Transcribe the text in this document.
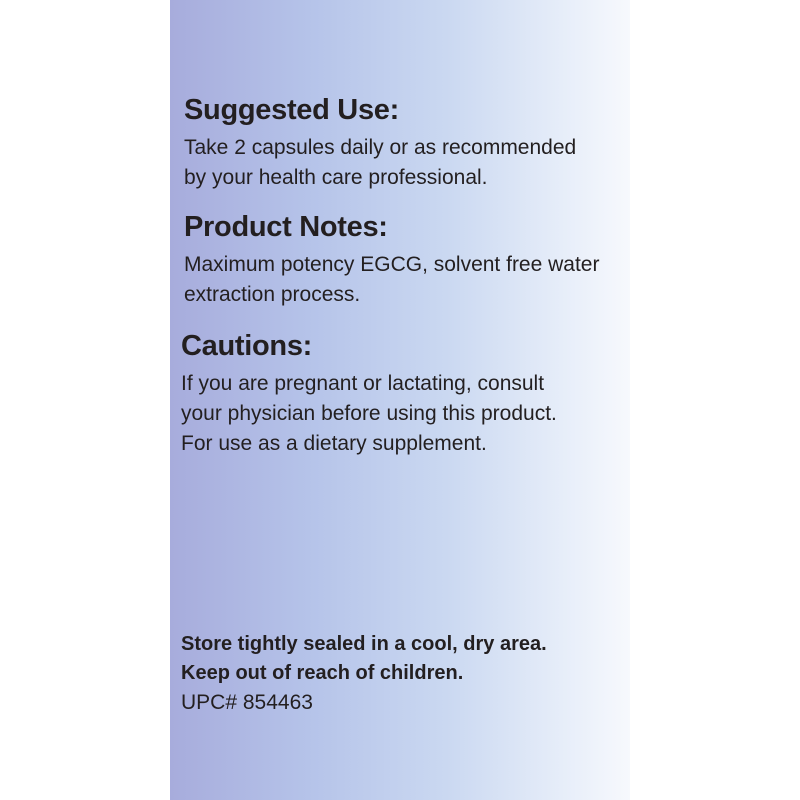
Suggested Use:

Take 2 capsules daily or as recommended
by your health care professional.

Product Notes:

Maximum potency EGCG, solvent free water
extraction process.

Cautions:

If you are pregnant or lactating, consult
your physician before using this product.
For use as a dietary supplement.

Store tightly sealed in a cool, dry area.
Keep out of reach of children.
UPC# 854463
